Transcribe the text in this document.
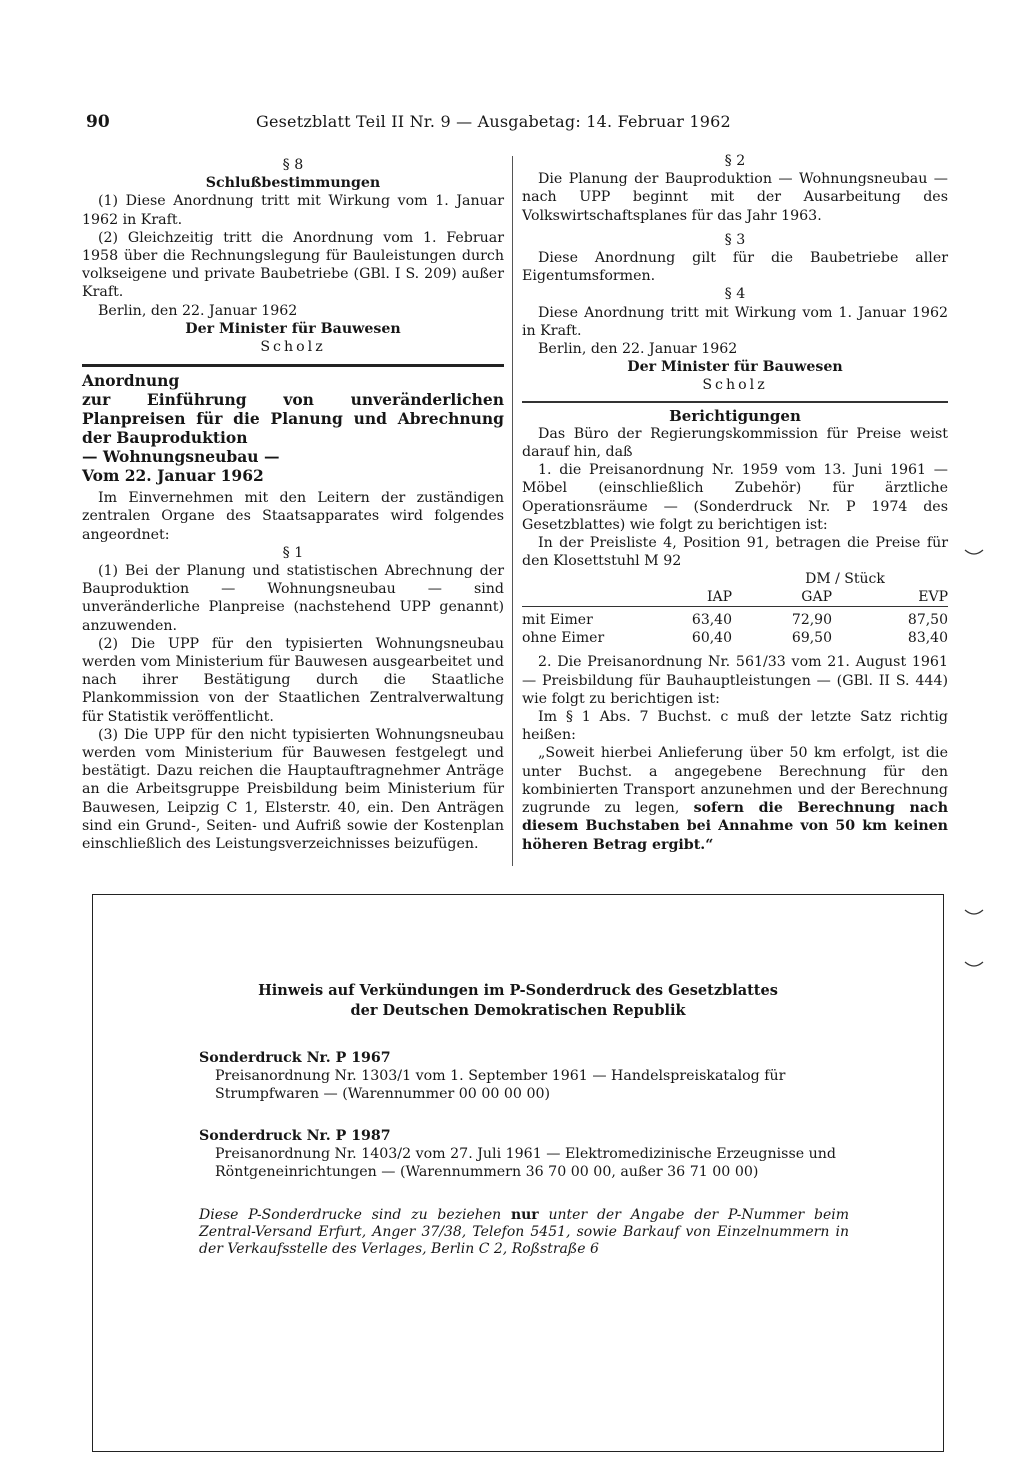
90	Gesetzblatt Teil II Nr. 9 — Ausgabetag: 14. Februar 1962

§ 8

Schlußbestimmungen

(1) Diese Anordnung tritt mit Wirkung vom 1. Januar 1962 in Kraft.

(2) Gleichzeitig tritt die Anordnung vom 1. Februar 1958 über die Rechnungslegung für Bauleistungen durch volkseigene und private Baubetriebe (GBl. I S. 209) außer Kraft.

Berlin, den 22. Januar 1962

Der Minister für Bauwesen

Scholz

Anordnung

zur Einführung von unveränderlichen Planpreisen für die Planung und Abrechnung der Bauproduktion

— Wohnungsneubau —

Vom 22. Januar 1962

Im Einvernehmen mit den Leitern der zuständigen zentralen Organe des Staatsapparates wird folgendes angeordnet:

§ 1

(1) Bei der Planung und statistischen Abrechnung der Bauproduktion — Wohnungsneubau — sind unveränderliche Planpreise (nachstehend UPP genannt) anzuwenden.

(2) Die UPP für den typisierten Wohnungsneubau werden vom Ministerium für Bauwesen ausgearbeitet und nach ihrer Bestätigung durch die Staatliche Plankommission von der Staatlichen Zentralverwaltung für Statistik veröffentlicht.

(3) Die UPP für den nicht typisierten Wohnungsneubau werden vom Ministerium für Bauwesen festgelegt und bestätigt. Dazu reichen die Hauptauftragnehmer Anträge an die Arbeitsgruppe Preisbildung beim Ministerium für Bauwesen, Leipzig C 1, Elsterstr. 40, ein. Den Anträgen sind ein Grund-, Seiten- und Aufriß sowie der Kostenplan einschließlich des Leistungsverzeichnisses beizufügen.

§ 2

Die Planung der Bauproduktion — Wohnungsneubau — nach UPP beginnt mit der Ausarbeitung des Volkswirtschaftsplanes für das Jahr 1963.

§ 3

Diese Anordnung gilt für die Baubetriebe aller Eigentumsformen.

§ 4

Diese Anordnung tritt mit Wirkung vom 1. Januar 1962 in Kraft.

Berlin, den 22. Januar 1962

Der Minister für Bauwesen

Scholz

Berichtigungen

Das Büro der Regierungskommission für Preise weist darauf hin, daß

1. die Preisanordnung Nr. 1959 vom 13. Juni 1961 — Möbel (einschließlich Zubehör) für ärztliche Operationsräume — (Sonderdruck Nr. P 1974 des Gesetzblattes) wie folgt zu berichtigen ist:

In der Preisliste 4, Position 91, betragen die Preise für den Klosettstuhl M 92

	DM / Stück		
	IAP	GAP	EVP

mit Eimer	63,40	72,90	87,50
ohne Eimer	60,40	69,50	83,40

2. Die Preisanordnung Nr. 561/33 vom 21. August 1961 — Preisbildung für Bauhauptleistungen — (GBl. II S. 444) wie folgt zu berichtigen ist:

Im § 1 Abs. 7 Buchst. c muß der letzte Satz richtig heißen:

„Soweit hierbei Anlieferung über 50 km erfolgt, ist die unter Buchst. a angegebene Berechnung für den kombinierten Transport anzunehmen und der Berechnung zugrunde zu legen, sofern die Berechnung nach diesem Buchstaben bei Annahme von 50 km keinen höheren Betrag ergibt.“

Hinweis auf Verkündungen im P-Sonderdruck des Gesetzblattes
der Deutschen Demokratischen Republik
Sonderdruck Nr. P 1967
Preisanordnung Nr. 1303/1 vom 1. September 1961 — Handelspreiskatalog für Strumpfwaren — (Warennummer 00 00 00 00)
Sonderdruck Nr. P 1987
Preisanordnung Nr. 1403/2 vom 27. Juli 1961 — Elektromedizinische Erzeugnisse und Röntgeneinrichtungen — (Warennummern 36 70 00 00, außer 36 71 00 00)
Diese P-Sonderdrucke sind zu beziehen nur unter der Angabe der P-Nummer beim Zentral-Versand Erfurt, Anger 37/38, Telefon 5451, sowie Barkauf von Einzelnummern in der Verkaufsstelle des Verlages, Berlin C 2, Roßstraße 6
